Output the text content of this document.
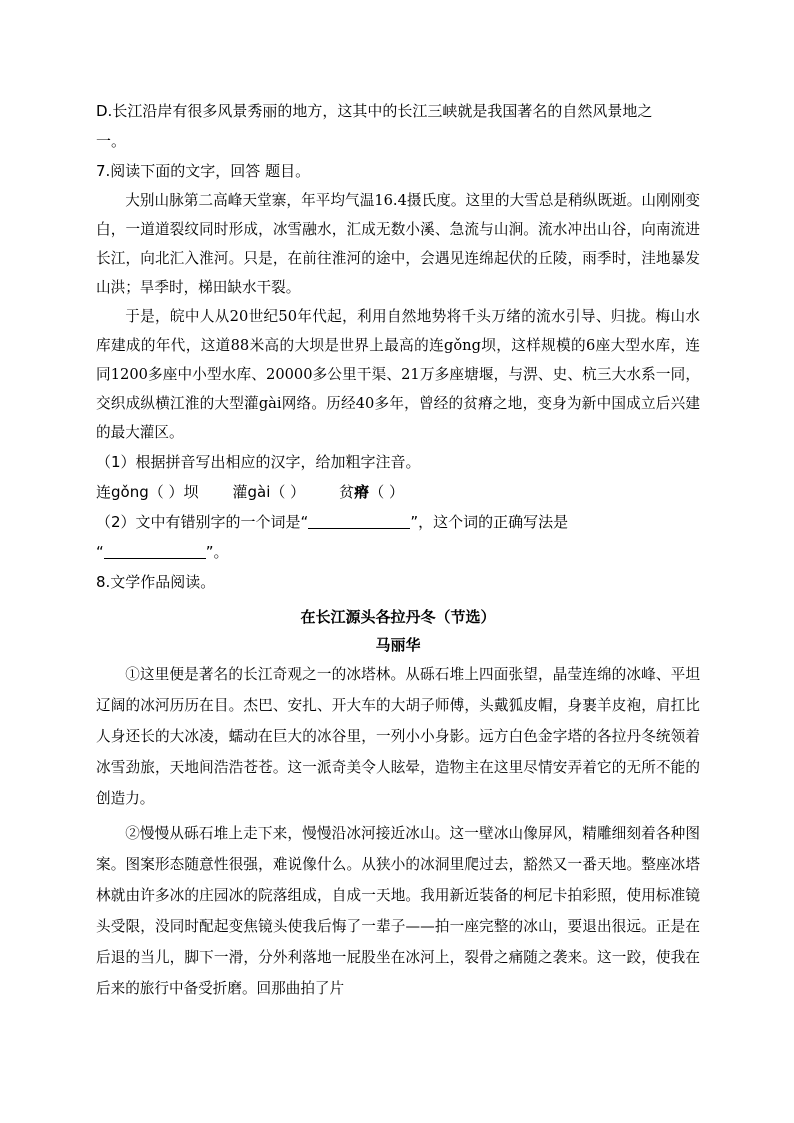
D.长江沿岸有很多风景秀丽的地方，这其中的长江三峡就是我国著名的自然风景地之

一。

7.阅读下面的文字，回答 题目。

大别山脉第二高峰天堂寨，年平均气温16.4摄氏度。这里的大雪总是稍纵既逝。山刚刚变白，一道道裂纹同时形成，冰雪融水，汇成无数小溪、急流与山涧。流水冲出山谷，向南流进长江，向北汇入淮河。只是，在前往淮河的途中，会遇见连绵起伏的丘陵，雨季时，洼地暴发山洪；旱季时，梯田缺水干裂。

于是，皖中人从20世纪50年代起，利用自然地势将千头万绪的流水引导、归拢。梅山水库建成的年代，这道88米高的大坝是世界上最高的连gǒng坝，这样规模的6座大型水库，连同1200多座中小型水库、20000多公里干渠、21万多座塘堰，与淠、史、杭三大水系一同，交织成纵横江淮的大型灌gài网络。历经40多年，曾经的贫瘠之地，变身为新中国成立后兴建的最大灌区。

（1）根据拼音写出相应的汉字，给加粗字注音。

连gǒng（ ）坝 灌gài（ ） 贫瘠（ ）

（2）文中有错别字的一个词是“	”，这个词的正确写法是

“	”。

8.文学作品阅读。

在长江源头各拉丹冬（节选）

马丽华

①这里便是著名的长江奇观之一的冰塔林。从砾石堆上四面张望，晶莹连绵的冰峰、平坦辽阔的冰河历历在目。杰巴、安扎、开大车的大胡子师傅，头戴狐皮帽，身裹羊皮袍，肩扛比人身还长的大冰凌，蠕动在巨大的冰谷里，一列小小身影。远方白色金字塔的各拉丹冬统领着冰雪劲旅，天地间浩浩苍苍。这一派奇美令人眩晕，造物主在这里尽情安弄着它的无所不能的创造力。

②慢慢从砾石堆上走下来，慢慢沿冰河接近冰山。这一壁冰山像屏风，精雕细刻着各种图案。图案形态随意性很强，难说像什么。从狭小的冰洞里爬过去，豁然又一番天地。整座冰塔林就由许多冰的庄园冰的院落组成，自成一天地。我用新近装备的柯尼卡拍彩照，使用标准镜头受限，没同时配起变焦镜头使我后悔了一辈子——拍一座完整的冰山，要退出很远。正是在后退的当儿，脚下一滑，分外利落地一屁股坐在冰河上，裂骨之痛随之袭来。这一跤，使我在后来的旅行中备受折磨。回那曲拍了片
